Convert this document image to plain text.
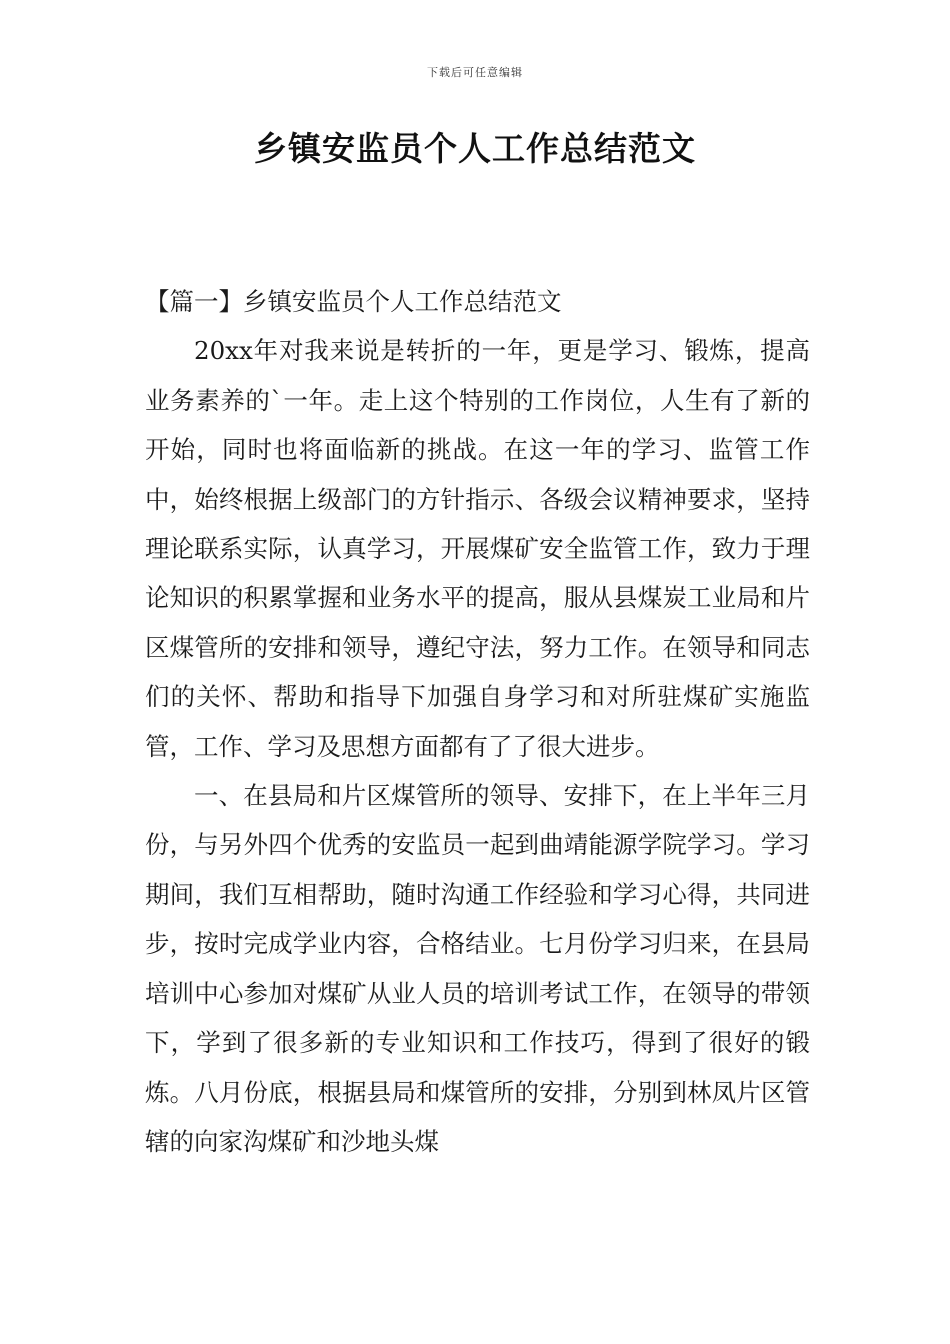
下载后可任意编辑
乡镇安监员个人工作总结范文
【篇一】乡镇安监员个人工作总结范文

20xx年对我来说是转折的一年，更是学习、锻炼，提高业务素养的`一年。走上这个特别的工作岗位，人生有了新的开始，同时也将面临新的挑战。在这一年的学习、监管工作中，始终根据上级部门的方针指示、各级会议精神要求，坚持理论联系实际，认真学习，开展煤矿安全监管工作，致力于理论知识的积累掌握和业务水平的提高，服从县煤炭工业局和片区煤管所的安排和领导，遵纪守法，努力工作。在领导和同志们的关怀、帮助和指导下加强自身学习和对所驻煤矿实施监管，工作、学习及思想方面都有了了很大进步。

一、在县局和片区煤管所的领导、安排下，在上半年三月份，与另外四个优秀的安监员一起到曲靖能源学院学习。学习期间，我们互相帮助，随时沟通工作经验和学习心得，共同进步，按时完成学业内容，合格结业。七月份学习归来，在县局培训中心参加对煤矿从业人员的培训考试工作，在领导的带领下，学到了很多新的专业知识和工作技巧，得到了很好的锻炼。八月份底，根据县局和煤管所的安排，分别到林凤片区管辖的向家沟煤矿和沙地头煤
